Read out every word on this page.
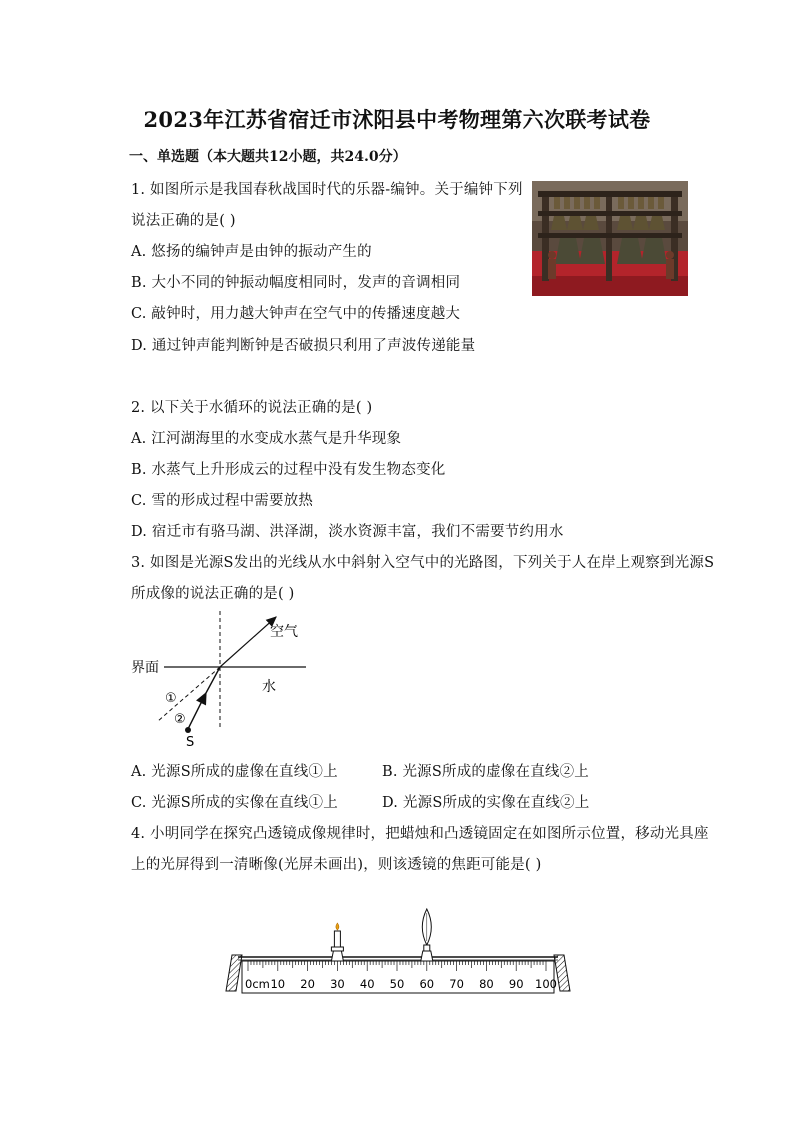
2023年江苏省宿迁市沭阳县中考物理第六次联考试卷
一、单选题（本大题共12小题，共24.0分）
1. 如图所示是我国春秋战国时代的乐器-编钟。关于编钟下列
说法正确的是( )
A. 悠扬的编钟声是由钟的振动产生的
B. 大小不同的钟振动幅度相同时，发声的音调相同
C. 敲钟时，用力越大钟声在空气中的传播速度越大
D. 通过钟声能判断钟是否破损只利用了声波传递能量
2. 以下关于水循环的说法正确的是( )
A. 江河湖海里的水变成水蒸气是升华现象
B. 水蒸气上升形成云的过程中没有发生物态变化
C. 雪的形成过程中需要放热
D. 宿迁市有骆马湖、洪泽湖，淡水资源丰富，我们不需要节约用水
3. 如图是光源S发出的光线从水中斜射入空气中的光路图，下列关于人在岸上观察到光源S
所成像的说法正确的是( )
空气
界面
水
①
②
S
A. 光源S所成的虚像在直线①上	B. 光源S所成的虚像在直线②上
C. 光源S所成的实像在直线①上	D. 光源S所成的实像在直线②上
4. 小明同学在探究凸透镜成像规律时，把蜡烛和凸透镜固定在如图所示位置，移动光具座
上的光屏得到一清晰像(光屏未画出)，则该透镜的焦距可能是( )
0cm 10 20 30 40 50 60 70 80 90 100
